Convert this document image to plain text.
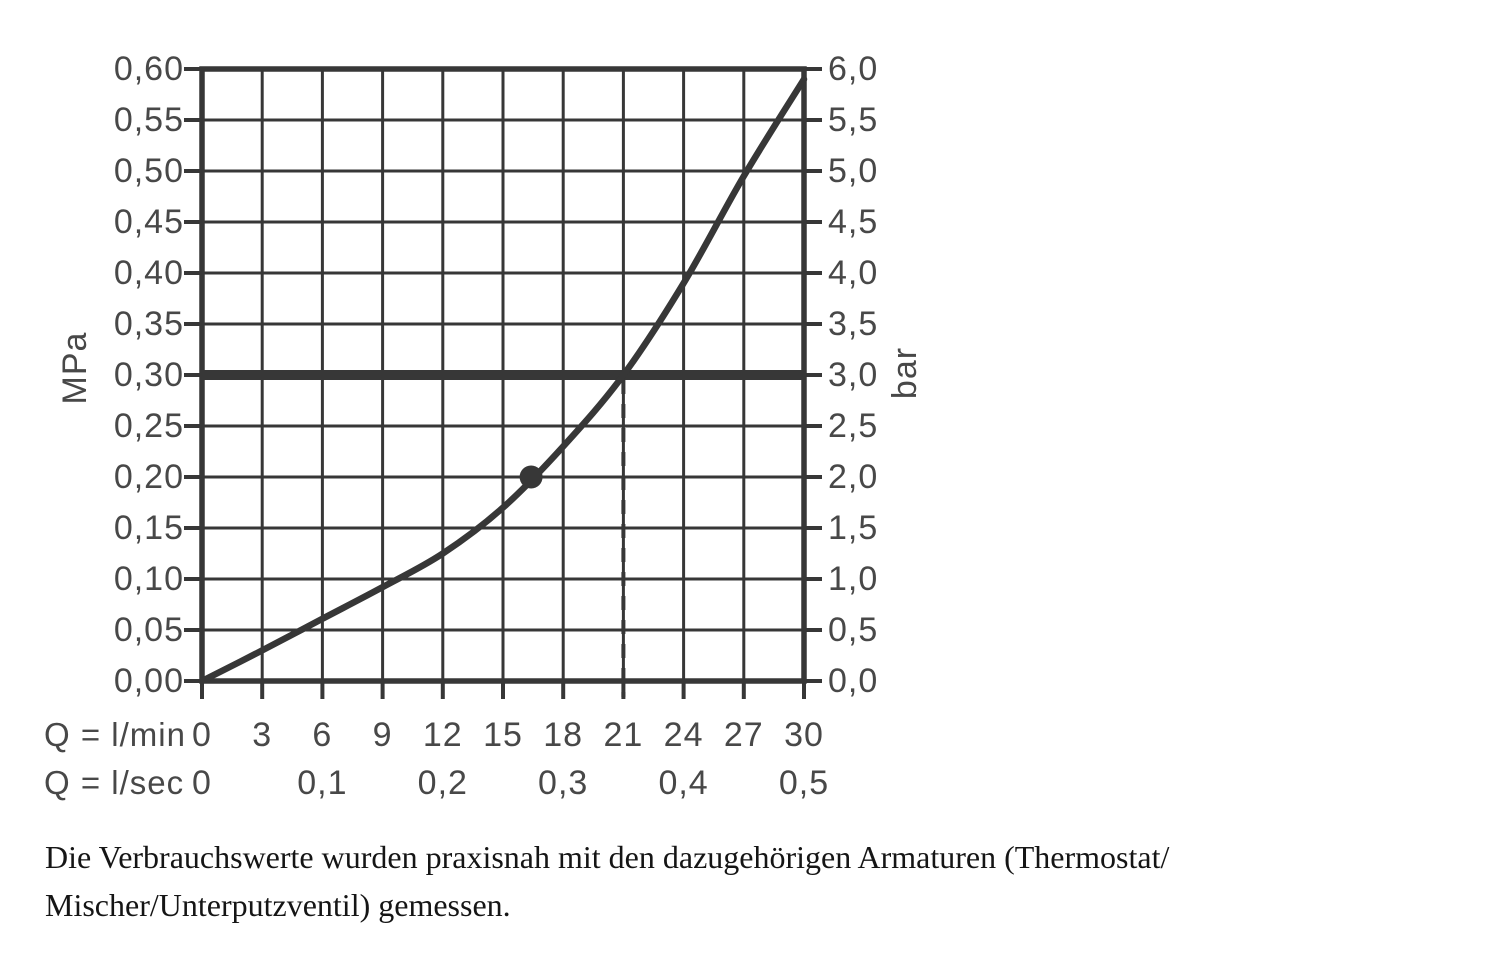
MPa	bar
0,60
0,55
0,50
0,45
0,40
0,35
0,30
0,25
0,20
0,15
0,10
0,05
0,00
6,0
5,5
5,0
4,5
4,0
3,5
3,0
2,5
2,0
1,5
1,0
0,5
0,0
0	3	6	9 12 15 18 21 24 27 30
0	0,1	0,2	0,3	0,4	0,5
Q = l/min
Q = l/sec
Die Verbrauchswerte wurden praxisnah mit den dazugehörigen Armaturen (Thermostat/
Mischer/Unterputzventil) gemessen.
